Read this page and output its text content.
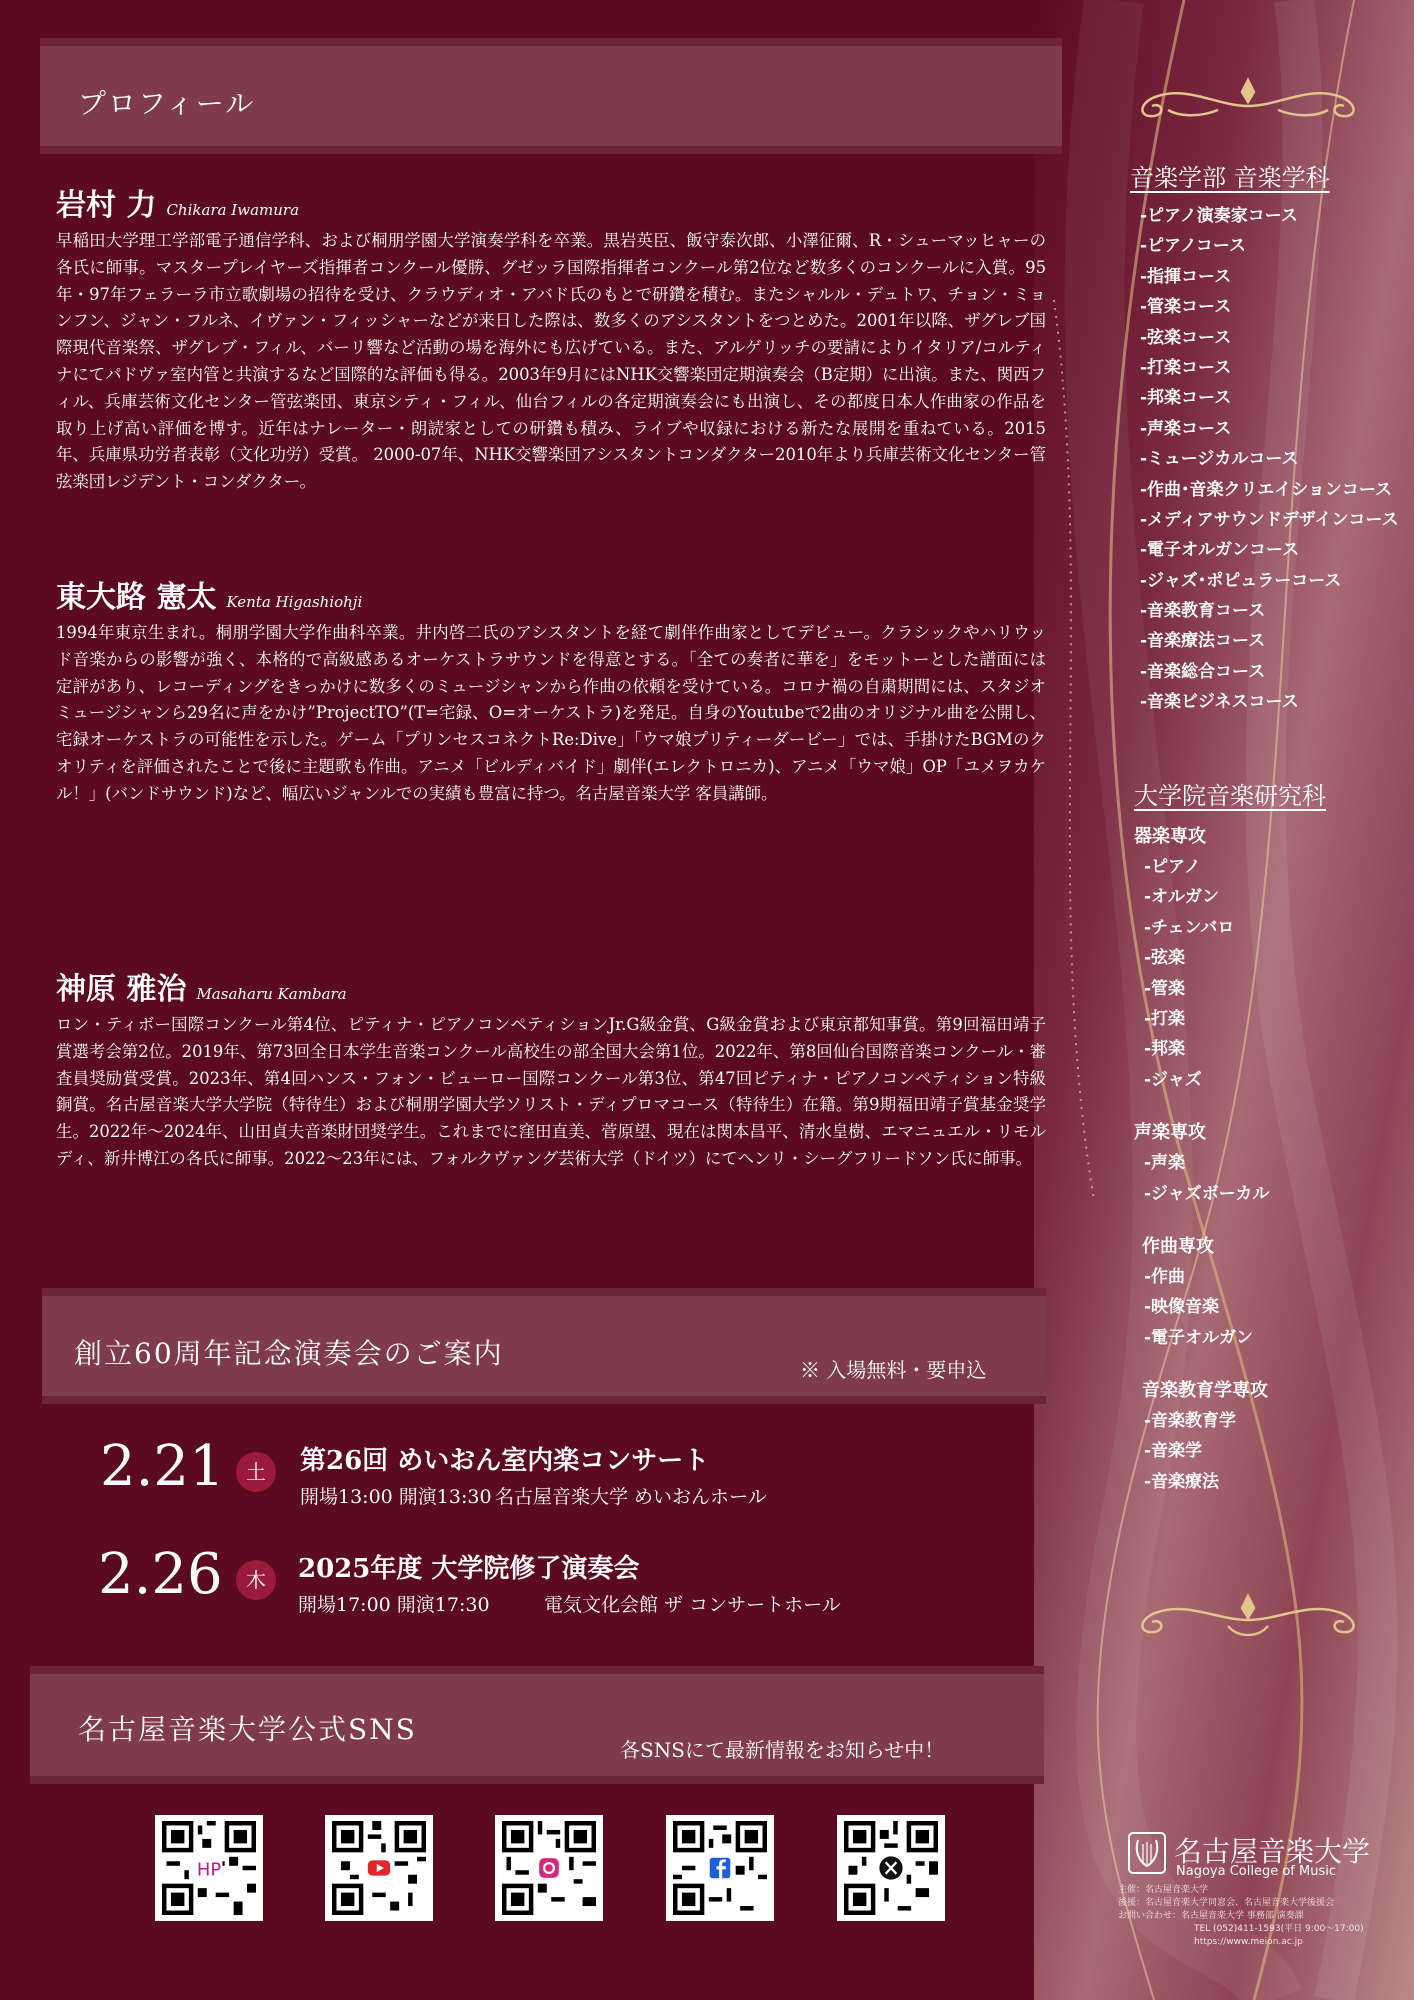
プロフィール
岩村 力 Chikara Iwamura
早稲田大学理工学部電子通信学科、および桐朋学園大学演奏学科を卒業。黒岩英臣、飯守泰次郎、小澤征爾、R・シューマッヒャーの各氏に師事。マスタープレイヤーズ指揮者コンクール優勝、グゼッラ国際指揮者コンクール第2位など数多くのコンクールに入賞。95年・97年フェラーラ市立歌劇場の招待を受け、クラウディオ・アバド氏のもとで研鑽を積む。またシャルル・デュトワ、チョン・ミョンフン、ジャン・フルネ、イヴァン・フィッシャーなどが来日した際は、数多くのアシスタントをつとめた。2001年以降、ザグレブ国際現代音楽祭、ザグレブ・フィル、バーリ響など活動の場を海外にも広げている。また、アルゲリッチの要請によりイタリア/コルティナにてパドヴァ室内管と共演するなど国際的な評価も得る。2003年9月にはNHK交響楽団定期演奏会（B定期）に出演。また、関西フィル、兵庫芸術文化センター管弦楽団、東京シティ・フィル、仙台フィルの各定期演奏会にも出演し、その都度日本人作曲家の作品を取り上げ高い評価を博す。近年はナレーター・朗読家としての研鑽も積み、ライブや収録における新たな展開を重ねている。2015年、兵庫県功労者表彰（文化功労）受賞。 2000-07年、NHK交響楽団アシスタントコンダクター2010年より兵庫芸術文化センター管弦楽団レジデント・コンダクター。
東大路 憲太 Kenta Higashiohji
1994年東京生まれ。桐朋学園大学作曲科卒業。井内啓二氏のアシスタントを経て劇伴作曲家としてデビュー。クラシックやハリウッド音楽からの影響が強く、本格的で高級感あるオーケストラサウンドを得意とする。「全ての奏者に華を」をモットーとした譜面には定評があり、レコーディングをきっかけに数多くのミュージシャンから作曲の依頼を受けている。コロナ禍の自粛期間には、スタジオミュージシャンら29名に声をかけ”ProjectTO”(T=宅録、O=オーケストラ)を発足。自身のYoutubeで2曲のオリジナル曲を公開し、宅録オーケストラの可能性を示した。ゲーム「プリンセスコネクトRe:Dive」「ウマ娘プリティーダービー」では、手掛けたBGMのクオリティを評価されたことで後に主題歌も作曲。アニメ「ビルディバイド」劇伴(エレクトロニカ)、アニメ「ウマ娘」OP「ユメヲカケル！」(バンドサウンド)など、幅広いジャンルでの実績も豊富に持つ。名古屋音楽大学 客員講師。
神原 雅治 Masaharu Kambara
ロン・ティボー国際コンクール第4位、ピティナ・ピアノコンペティションJr.G級金賞、G級金賞および東京都知事賞。第9回福田靖子賞選考会第2位。2019年、第73回全日本学生音楽コンクール高校生の部全国大会第1位。2022年、第8回仙台国際音楽コンクール・審査員奨励賞受賞。2023年、第4回ハンス・フォン・ビューロー国際コンクール第3位、第47回ピティナ・ピアノコンペティション特級銅賞。名古屋音楽大学大学院（特待生）および桐朋学園大学ソリスト・ディプロマコース（特待生）在籍。第9期福田靖子賞基金奨学生。2022年～2024年、山田貞夫音楽財団奨学生。これまでに窪田直美、菅原望、現在は関本昌平、清水皇樹、エマニュエル・リモルディ、新井博江の各氏に師事。2022～23年には、フォルクヴァング芸術大学（ドイツ）にてヘンリ・シーグフリードソン氏に師事。
創立60周年記念演奏会のご案内	※ 入場無料・要申込
2.21	土	第26回 めいおん室内楽コンサート
開場13:00 開演13:30 名古屋音楽大学 めいおんホール
2.26	木	2025年度 大学院修了演奏会
開場17:00 開演17:30	電気文化会館 ザ コンサートホール
名古屋音楽大学公式SNS
各SNSにて最新情報をお知らせ中！
HP
音楽学部 音楽学科
-ピアノ演奏家コース
-ピアノコース
-指揮コース
-管楽コース
-弦楽コース
-打楽コース
-邦楽コース
-声楽コース
-ミュージカルコース
-作曲･音楽クリエイションコース
-メディアサウンドデザインコース
-電子オルガンコース
-ジャズ･ポピュラーコース
-音楽教育コース
-音楽療法コース
-音楽総合コース
-音楽ビジネスコース
大学院音楽研究科
器楽専攻
-ピアノ
-オルガン
-チェンバロ
-弦楽
-管楽
-打楽
-邦楽
-ジャズ
声楽専攻
-声楽
-ジャズボーカル
作曲専攻
-作曲
-映像音楽
-電子オルガン
音楽教育学専攻
-音楽教育学
-音楽学
-音楽療法
名古屋音楽大学
Nagoya College of Music
主催：名古屋音楽大学
後援：名古屋音楽大学同窓会、名古屋音楽大学後援会
お問い合わせ：名古屋音楽大学 事務部 演奏課
TEL (052)411-1593(平日 9:00～17:00)
https://www.meion.ac.jp
